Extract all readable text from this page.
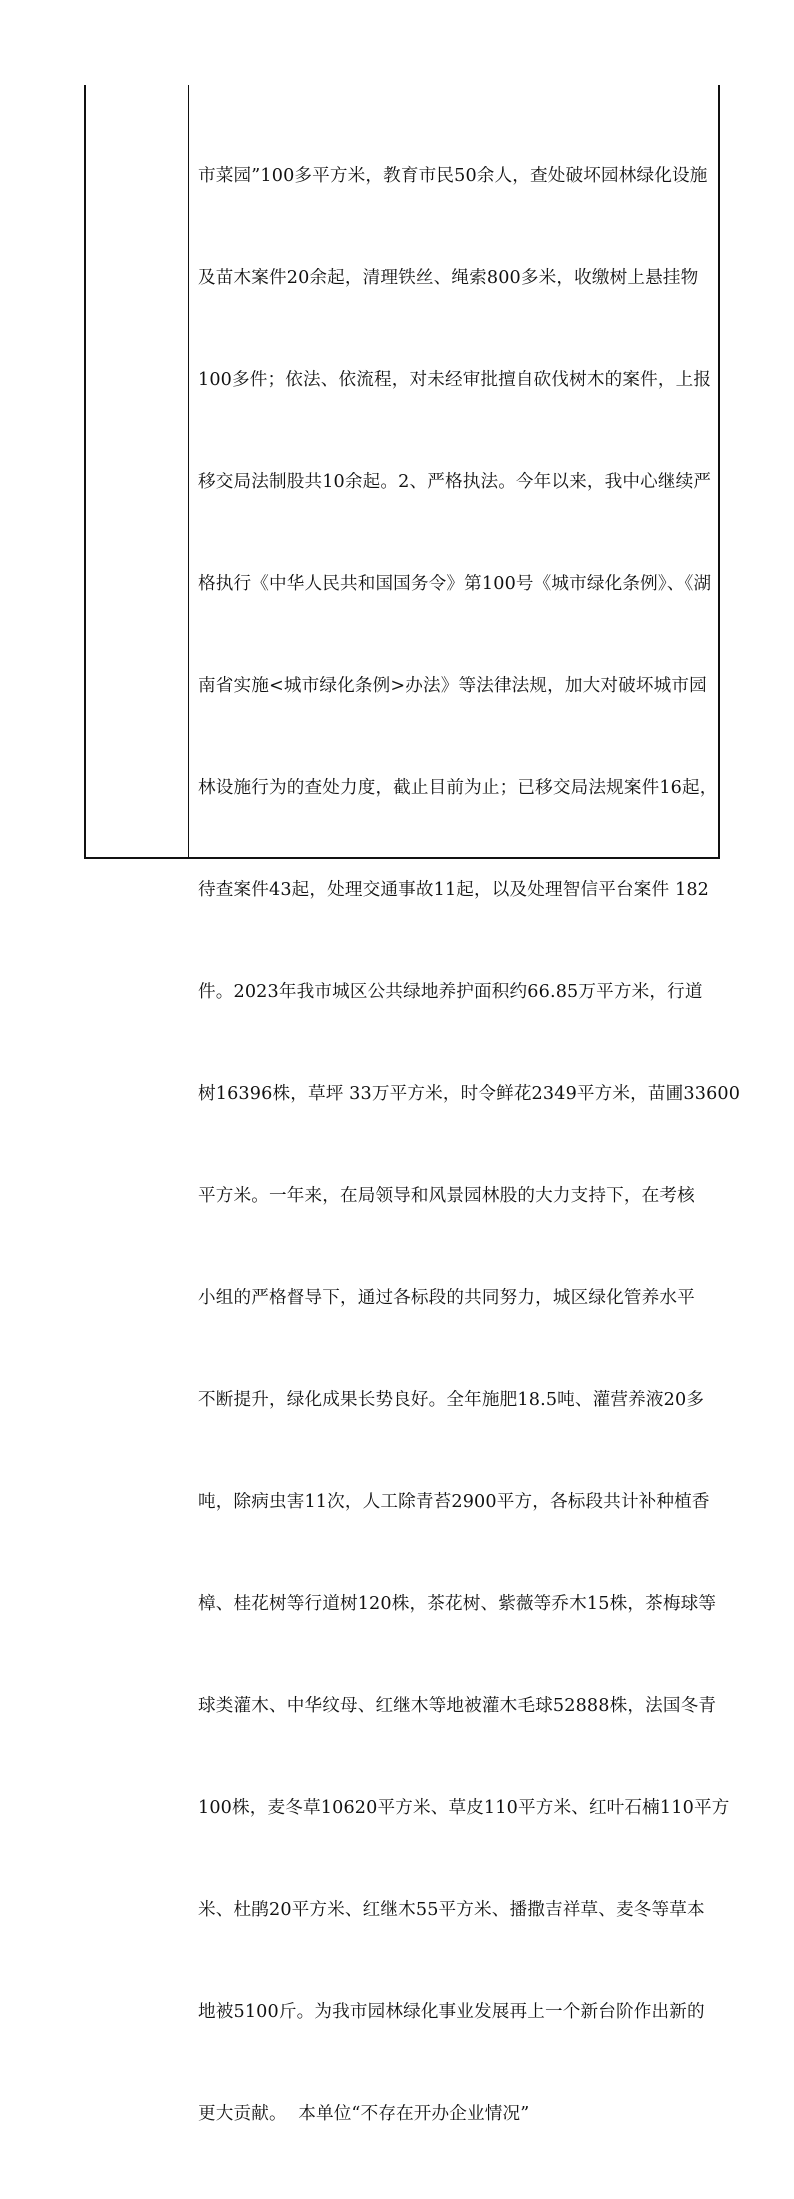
市菜园”100多平方米，教育市民50余人，查处破坏园林绿化设施

及苗木案件20余起，清理铁丝、绳索800多米，收缴树上悬挂物

100多件；依法、依流程，对未经审批擅自砍伐树木的案件，上报

移交局法制股共10余起。2、严格执法。今年以来，我中心继续严

格执行《中华人民共和国国务令》第100号《城市绿化条例》、《湖

南省实施<城市绿化条例>办法》等法律法规，加大对破坏城市园

林设施行为的查处力度，截止目前为止；已移交局法规案件16起，

待查案件43起，处理交通事故11起，以及处理智信平台案件 182

件。2023年我市城区公共绿地养护面积约66.85万平方米，行道

树16396株，草坪 33万平方米，时令鲜花2349平方米，苗圃33600

平方米。一年来，在局领导和风景园林股的大力支持下，在考核

小组的严格督导下，通过各标段的共同努力，城区绿化管养水平

不断提升，绿化成果长势良好。全年施肥18.5吨、灌营养液20多

吨，除病虫害11次，人工除青苔2900平方，各标段共计补种植香

樟、桂花树等行道树120株，茶花树、紫薇等乔木15株，茶梅球等

球类灌木、中华纹母、红继木等地被灌木毛球52888株，法国冬青

100株，麦冬草10620平方米、草皮110平方米、红叶石楠110平方

米、杜鹃20平方米、红继木55平方米、播撒吉祥草、麦冬等草本

地被5100斤。为我市园林绿化事业发展再上一个新台阶作出新的

更大贡献。  本单位“不存在开办企业情况”
